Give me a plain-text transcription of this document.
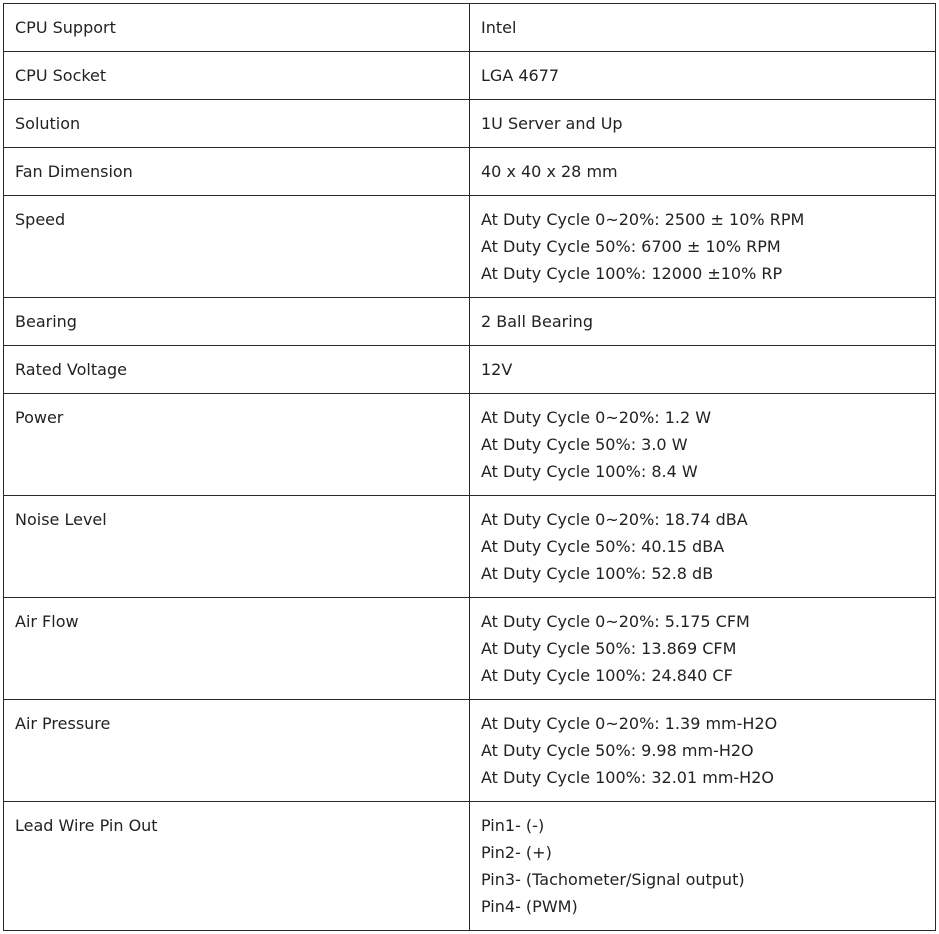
CPU Support	Intel

CPU Socket	LGA 4677

Solution	1U Server and Up

Fan Dimension	40 x 40 x 28 mm

Speed	At Duty Cycle 0~20%: 2500 ± 10% RPM
At Duty Cycle 50%: 6700 ± 10% RPM
At Duty Cycle 100%: 12000 ±10% RP

Bearing	2 Ball Bearing

Rated Voltage	12V

Power	At Duty Cycle 0~20%: 1.2 W
At Duty Cycle 50%: 3.0 W
At Duty Cycle 100%: 8.4 W

Noise Level	At Duty Cycle 0~20%: 18.74 dBA
At Duty Cycle 50%: 40.15 dBA
At Duty Cycle 100%: 52.8 dB

Air Flow	At Duty Cycle 0~20%: 5.175 CFM
At Duty Cycle 50%: 13.869 CFM
At Duty Cycle 100%: 24.840 CF

Air Pressure	At Duty Cycle 0~20%: 1.39 mm-H2O
At Duty Cycle 50%: 9.98 mm-H2O
At Duty Cycle 100%: 32.01 mm-H2O

Lead Wire Pin Out	Pin1- (-)
Pin2- (+)
Pin3- (Tachometer/Signal output)
Pin4- (PWM)
